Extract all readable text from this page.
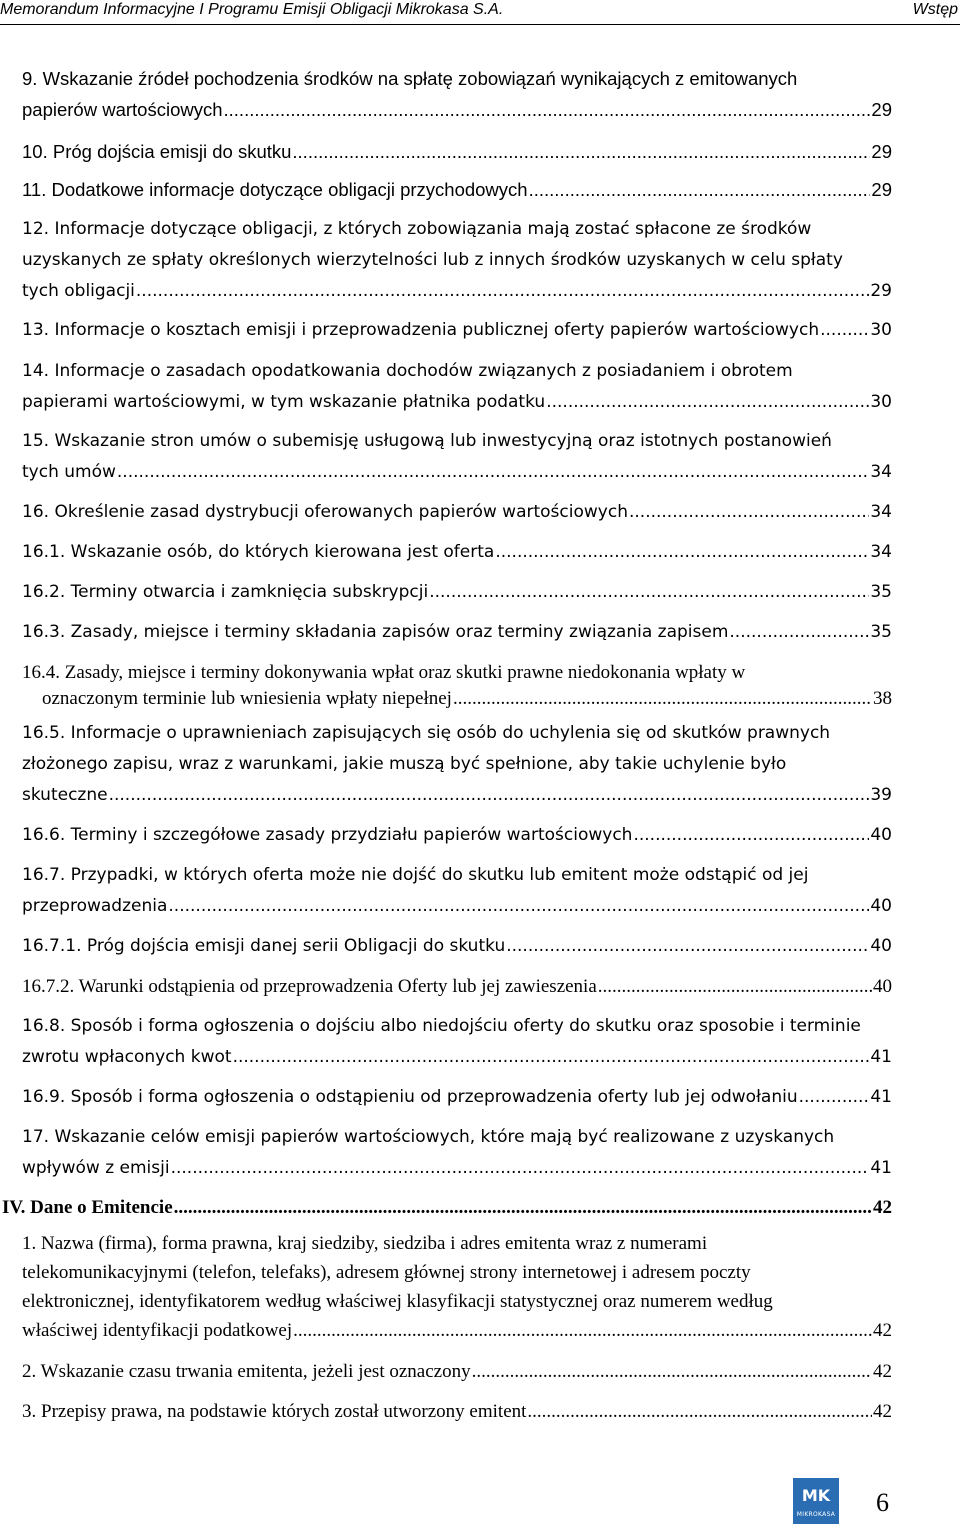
Memorandum Informacyjne I Programu Emisji Obligacji Mikrokasa S.A.	Wstęp
9. Wskazanie źródeł pochodzenia środków na spłatę zobowiązań wynikających z emitowanych
papierów wartościowych .....	29
10. Próg dojścia emisji do skutku .....	29
11. Dodatkowe informacje dotyczące obligacji przychodowych .....	29
12. Informacje dotyczące obligacji, z których zobowiązania mają zostać spłacone ze środków
uzyskanych ze spłaty określonych wierzytelności lub z innych środków uzyskanych w celu spłaty
tych obligacji .....	29
13. Informacje o kosztach emisji i przeprowadzenia publicznej oferty papierów wartościowych .....	30
14. Informacje o zasadach opodatkowania dochodów związanych z posiadaniem i obrotem
papierami wartościowymi, w tym wskazanie płatnika podatku .....	30
15. Wskazanie stron umów o subemisję usługową lub inwestycyjną oraz istotnych postanowień
tych umów .....	34
16. Określenie zasad dystrybucji oferowanych papierów wartościowych .....	34
16.1. Wskazanie osób, do których kierowana jest oferta .....	34
16.2. Terminy otwarcia i zamknięcia subskrypcji .....	35
16.3. Zasady, miejsce i terminy składania zapisów oraz terminy związania zapisem .....	35
16.4. Zasady, miejsce i terminy dokonywania wpłat oraz skutki prawne niedokonania wpłaty w
oznaczonym terminie lub wniesienia wpłaty niepełnej .....	38
16.5. Informacje o uprawnieniach zapisujących się osób do uchylenia się od skutków prawnych
złożonego zapisu, wraz z warunkami, jakie muszą być spełnione, aby takie uchylenie było
skuteczne .....	39
16.6. Terminy i szczegółowe zasady przydziału papierów wartościowych .....	40
16.7. Przypadki, w których oferta może nie dojść do skutku lub emitent może odstąpić od jej
przeprowadzenia .....	40
16.7.1. Próg dojścia emisji danej serii Obligacji do skutku .....	40
16.7.2. Warunki odstąpienia od przeprowadzenia Oferty lub jej zawieszenia .....	40
16.8. Sposób i forma ogłoszenia o dojściu albo niedojściu oferty do skutku oraz sposobie i terminie
zwrotu wpłaconych kwot .....	41
16.9. Sposób i forma ogłoszenia o odstąpieniu od przeprowadzenia oferty lub jej odwołaniu .....	41
17. Wskazanie celów emisji papierów wartościowych, które mają być realizowane z uzyskanych
wpływów z emisji .....	41
IV. Dane o Emitencie .....	42
1. Nazwa (firma), forma prawna, kraj siedziby, siedziba i adres emitenta wraz z numerami
telekomunikacyjnymi (telefon, telefaks), adresem głównej strony internetowej i adresem poczty
elektronicznej, identyfikatorem według właściwej klasyfikacji statystycznej oraz numerem według
właściwej identyfikacji podatkowej .....	42
2. Wskazanie czasu trwania emitenta, jeżeli jest oznaczony .....	42
3. Przepisy prawa, na podstawie których został utworzony emitent .....	42
MK
MIKROKASA 6
